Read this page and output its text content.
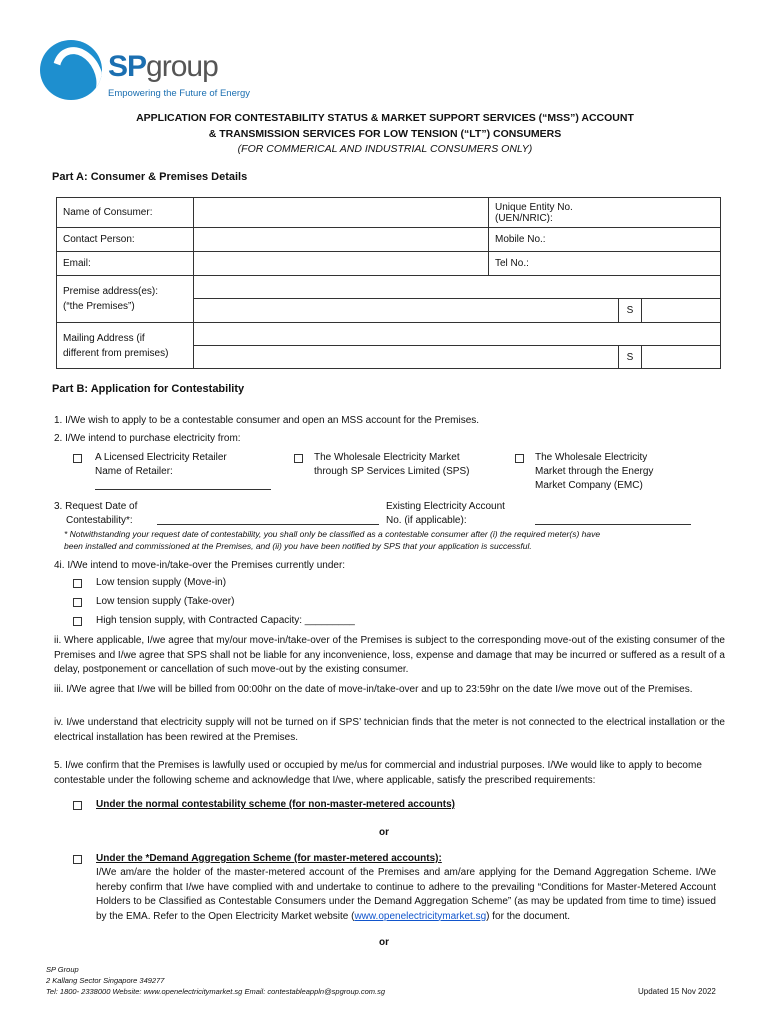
SPgroup
Empowering the Future of Energy
APPLICATION FOR CONTESTABILITY STATUS & MARKET SUPPORT SERVICES (“MSS”) ACCOUNT
& TRANSMISSION SERVICES FOR LOW TENSION (“LT”) CONSUMERS
(FOR COMMERICAL AND INDUSTRIAL CONSUMERS ONLY)
Part A: Consumer & Premises Details
Name of Consumer:		Unique Entity No. (UEN/NRIC):	
Contact Person:		Mobile No.:	
Email:		Tel No.:	
Premise address(es):
(“the Premises”)			

		S	

Mailing Address (if
different from premises)			

		S	
Part B: Application for Contestability
1. I/We wish to apply to be a contestable consumer and open an MSS account for the Premises.
2. I/We intend to purchase electricity from:
A Licensed Electricity Retailer
Name of Retailer:
The Wholesale Electricity Market
through SP Services Limited (SPS)
The Wholesale Electricity
Market through the Energy
Market Company (EMC)
3. Request Date of
Contestability*:
Existing Electricity Account
No. (if applicable):
* Notwithstanding your request date of contestability, you shall only be classified as a contestable consumer after (i) the required meter(s) have
been installed and commissioned at the Premises, and (ii) you have been notified by SPS that your application is successful.
4i. I/We intend to move-in/take-over the Premises currently under:
Low tension supply (Move-in)
Low tension supply (Take-over)
High tension supply, with Contracted Capacity: _________
ii. Where applicable, I/we agree that my/our move-in/take-over of the Premises is subject to the corresponding move-out of the existing consumer of the Premises and I/we agree that SPS shall not be liable for any inconvenience, loss, expense and damage that may be incurred or suffered as a result of a delay, postponement or cancellation of such move-out by the existing consumer.
iii. I/We agree that I/we will be billed from 00:00hr on the date of move-in/take-over and up to 23:59hr on the date I/we move out of the Premises.
iv. I/we understand that electricity supply will not be turned on if SPS’ technician finds that the meter is not connected to the electrical installation or the electrical installation has been rewired at the Premises.
5. I/we confirm that the Premises is lawfully used or occupied by me/us for commercial and industrial purposes. I/We would like to apply to become contestable under the following scheme and acknowledge that I/we, where applicable, satisfy the prescribed requirements:
Under the normal contestability scheme (for non-master-metered accounts)
or
Under the *Demand Aggregation Scheme (for master-metered accounts):
I/We am/are the holder of the master-metered account of the Premises and am/are applying for the Demand Aggregation Scheme. I/We hereby confirm that I/we have complied with and undertake to continue to adhere to the prevailing “Conditions for Master-Metered Account Holders to be Classified as Contestable Consumers under the Demand Aggregation Scheme” (as may be updated from time to time) issued by the EMA. Refer to the Open Electricity Market website (www.openelectricitymarket.sg) for the document.
or
SP Group
2 Kallang Sector Singapore 349277
Tel: 1800- 2338000 Website: www.openelectricitymarket.sg Email: contestableappln@spgroup.com.sg	Updated 15 Nov 2022
